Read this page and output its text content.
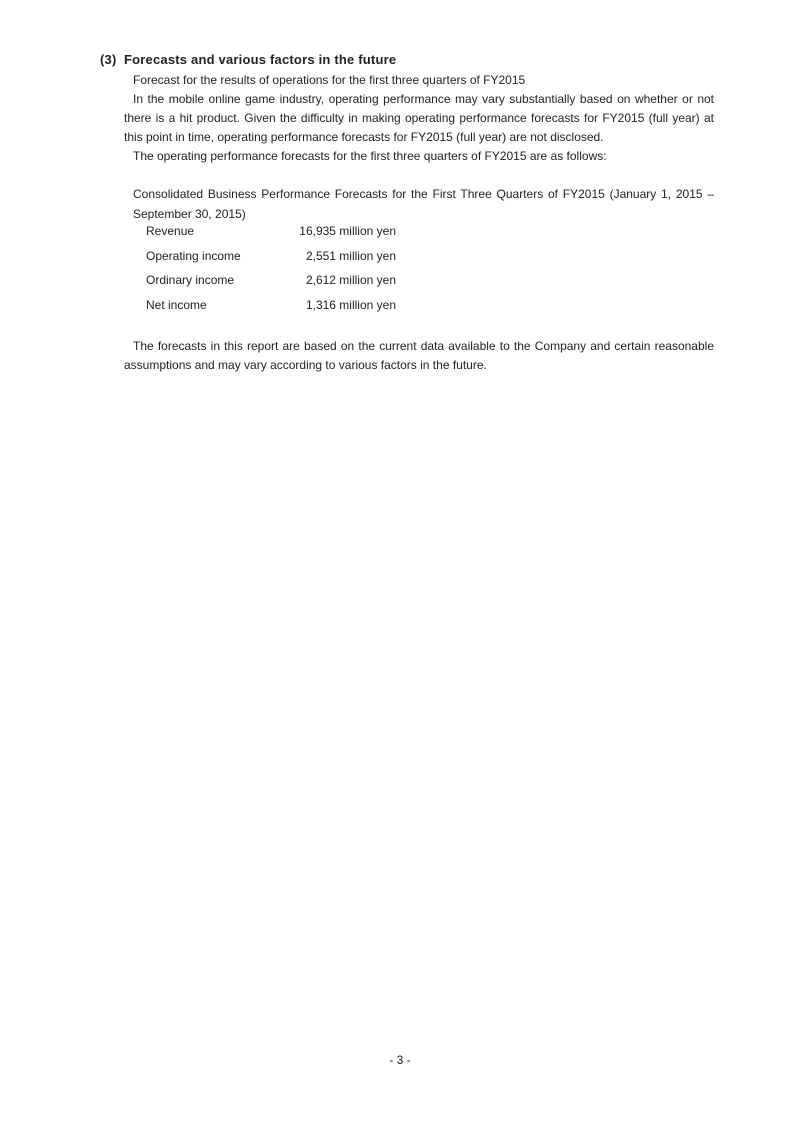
(3) Forecasts and various factors in the future
Forecast for the results of operations for the first three quarters of FY2015
In the mobile online game industry, operating performance may vary substantially based on whether or not there is a hit product. Given the difficulty in making operating performance forecasts for FY2015 (full year) at this point in time, operating performance forecasts for FY2015 (full year) are not disclosed.
The operating performance forecasts for the first three quarters of FY2015 are as follows:
Consolidated Business Performance Forecasts for the First Three Quarters of FY2015 (January 1, 2015 – September 30, 2015)
Revenue	16,935 million yen
Operating income	2,551 million yen
Ordinary income	2,612 million yen
Net income	1,316 million yen
The forecasts in this report are based on the current data available to the Company and certain reasonable assumptions and may vary according to various factors in the future.
- 3 -
